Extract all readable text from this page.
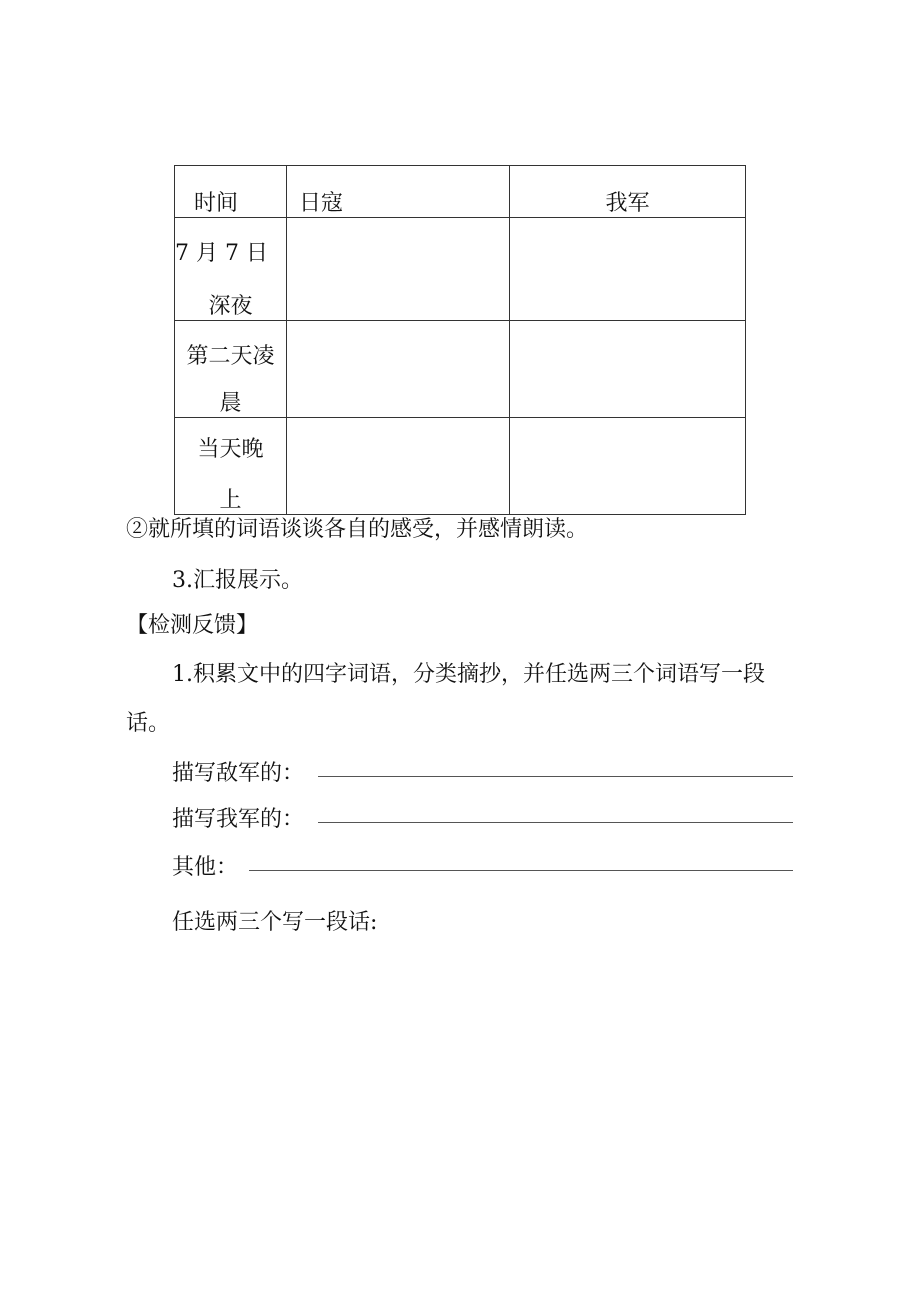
时间	日寇	我军

7 月 7 日
深夜		

第二天凌
晨		

当天晚
上		

②就所填的词语谈谈各自的感受，并感情朗读。
3.汇报展示。
【检测反馈】
1.积累文中的四字词语，分类摘抄，并任选两三个词语写一段
话。
描写敌军的：
描写我军的：
其他：
任选两三个写一段话:
